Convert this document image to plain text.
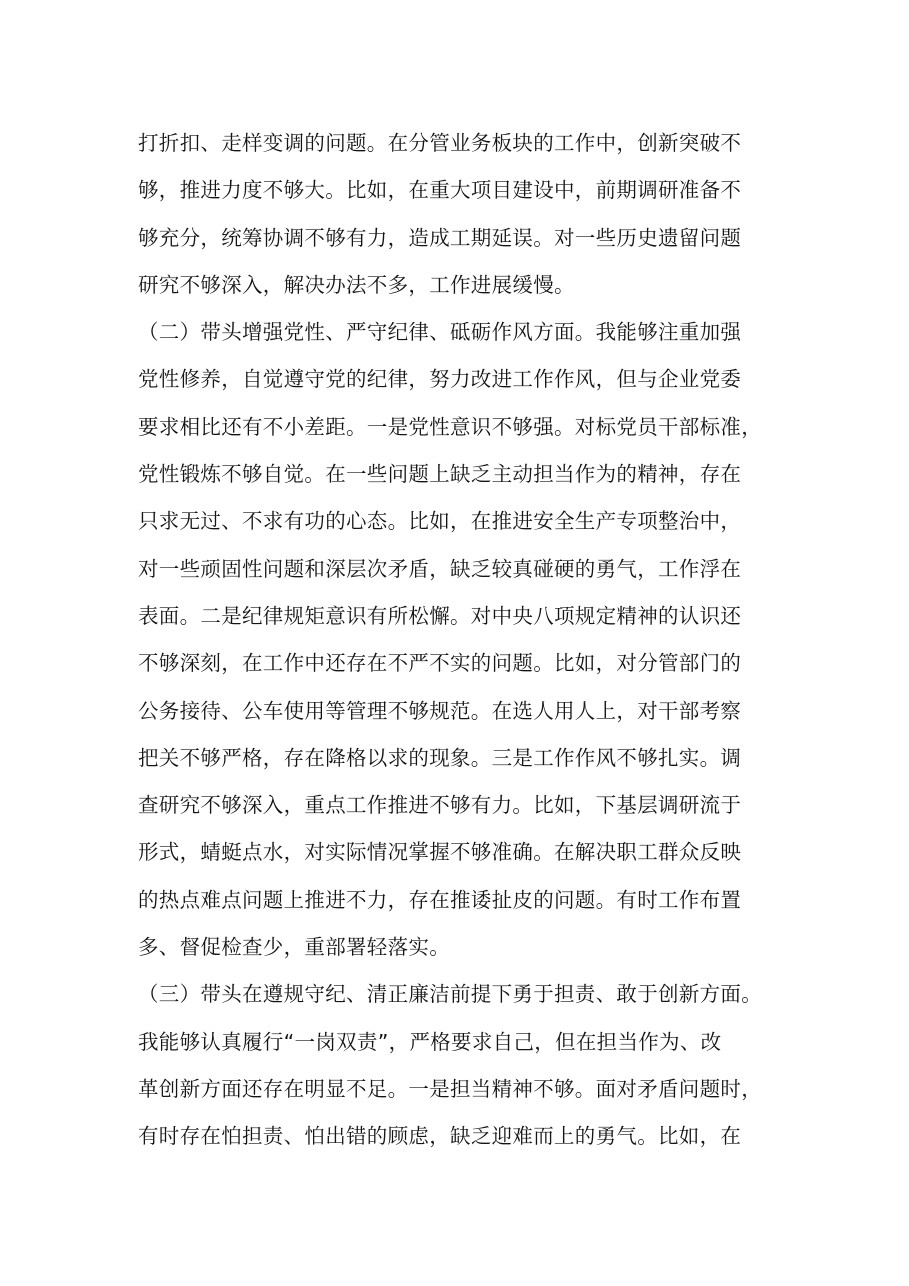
打折扣、走样变调的问题。在分管业务板块的工作中，创新突破不
够，推进力度不够大。比如，在重大项目建设中，前期调研准备不
够充分，统筹协调不够有力，造成工期延误。对一些历史遗留问题
研究不够深入，解决办法不多，工作进展缓慢。
（二）带头增强党性、严守纪律、砥砺作风方面。我能够注重加强
党性修养，自觉遵守党的纪律，努力改进工作作风，但与企业党委
要求相比还有不小差距。一是党性意识不够强。对标党员干部标准，
党性锻炼不够自觉。在一些问题上缺乏主动担当作为的精神，存在
只求无过、不求有功的心态。比如，在推进安全生产专项整治中，
对一些顽固性问题和深层次矛盾，缺乏较真碰硬的勇气，工作浮在
表面。二是纪律规矩意识有所松懈。对中央八项规定精神的认识还
不够深刻，在工作中还存在不严不实的问题。比如，对分管部门的
公务接待、公车使用等管理不够规范。在选人用人上，对干部考察
把关不够严格，存在降格以求的现象。三是工作作风不够扎实。调
查研究不够深入，重点工作推进不够有力。比如，下基层调研流于
形式，蜻蜓点水，对实际情况掌握不够准确。在解决职工群众反映
的热点难点问题上推进不力，存在推诿扯皮的问题。有时工作布置
多、督促检查少，重部署轻落实。
（三）带头在遵规守纪、清正廉洁前提下勇于担责、敢于创新方面。
我能够认真履行“一岗双责”，严格要求自己，但在担当作为、改
革创新方面还存在明显不足。一是担当精神不够。面对矛盾问题时，
有时存在怕担责、怕出错的顾虑，缺乏迎难而上的勇气。比如，在
